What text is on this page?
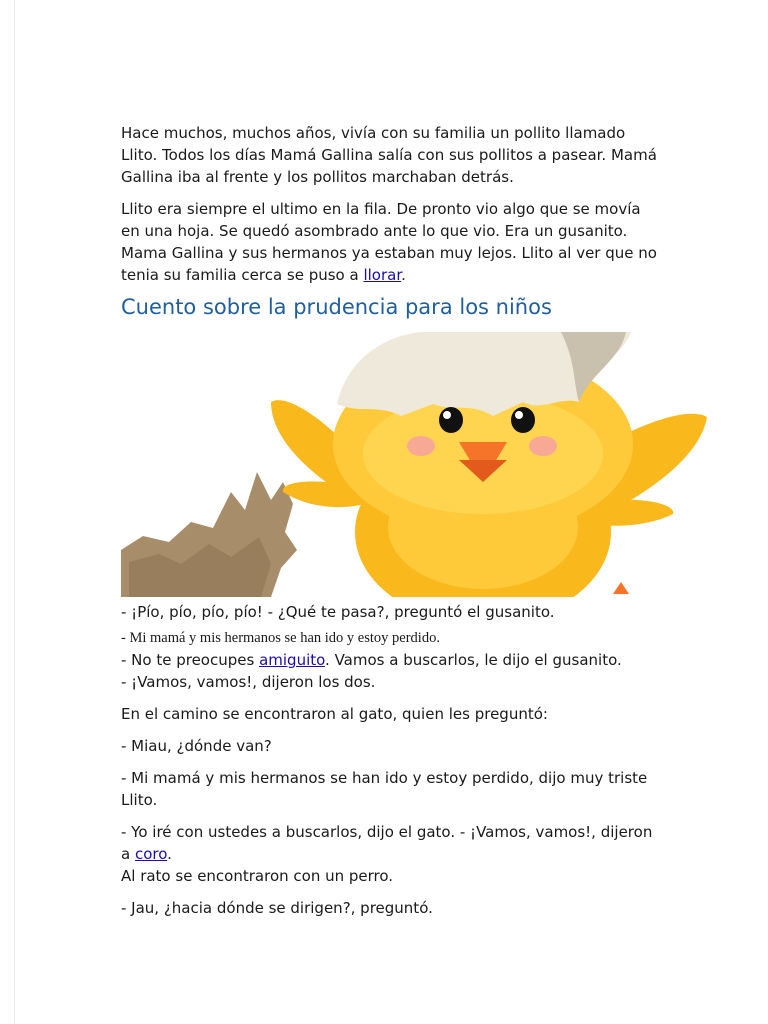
Hace muchos, muchos años, vivía con su familia un pollito llamado Llito. Todos los días Mamá Gallina salía con sus pollitos a pasear. Mamá Gallina iba al frente y los pollitos marchaban detrás.

Llito era siempre el ultimo en la fila. De pronto vio algo que se movía en una hoja. Se quedó asombrado ante lo que vio. Era un gusanito. Mama Gallina y sus hermanos ya estaban muy lejos. Llito al ver que no tenia su familia cerca se puso a llorar.

Cuento sobre la prudencia para los niños

- ¡Pío, pío, pío, pío! - ¿Qué te pasa?, preguntó el gusanito.

- Mi mamá y mis hermanos se han ido y estoy perdido.

- No te preocupes amiguito. Vamos a buscarlos, le dijo el gusanito.

- ¡Vamos, vamos!, dijeron los dos.

En el camino se encontraron al gato, quien les preguntó:

- Miau, ¿dónde van?

- Mi mamá y mis hermanos se han ido y estoy perdido, dijo muy triste Llito.

- Yo iré con ustedes a buscarlos, dijo el gato. - ¡Vamos, vamos!, dijeron a coro.

Al rato se encontraron con un perro.

- Jau, ¿hacia dónde se dirigen?, preguntó.
